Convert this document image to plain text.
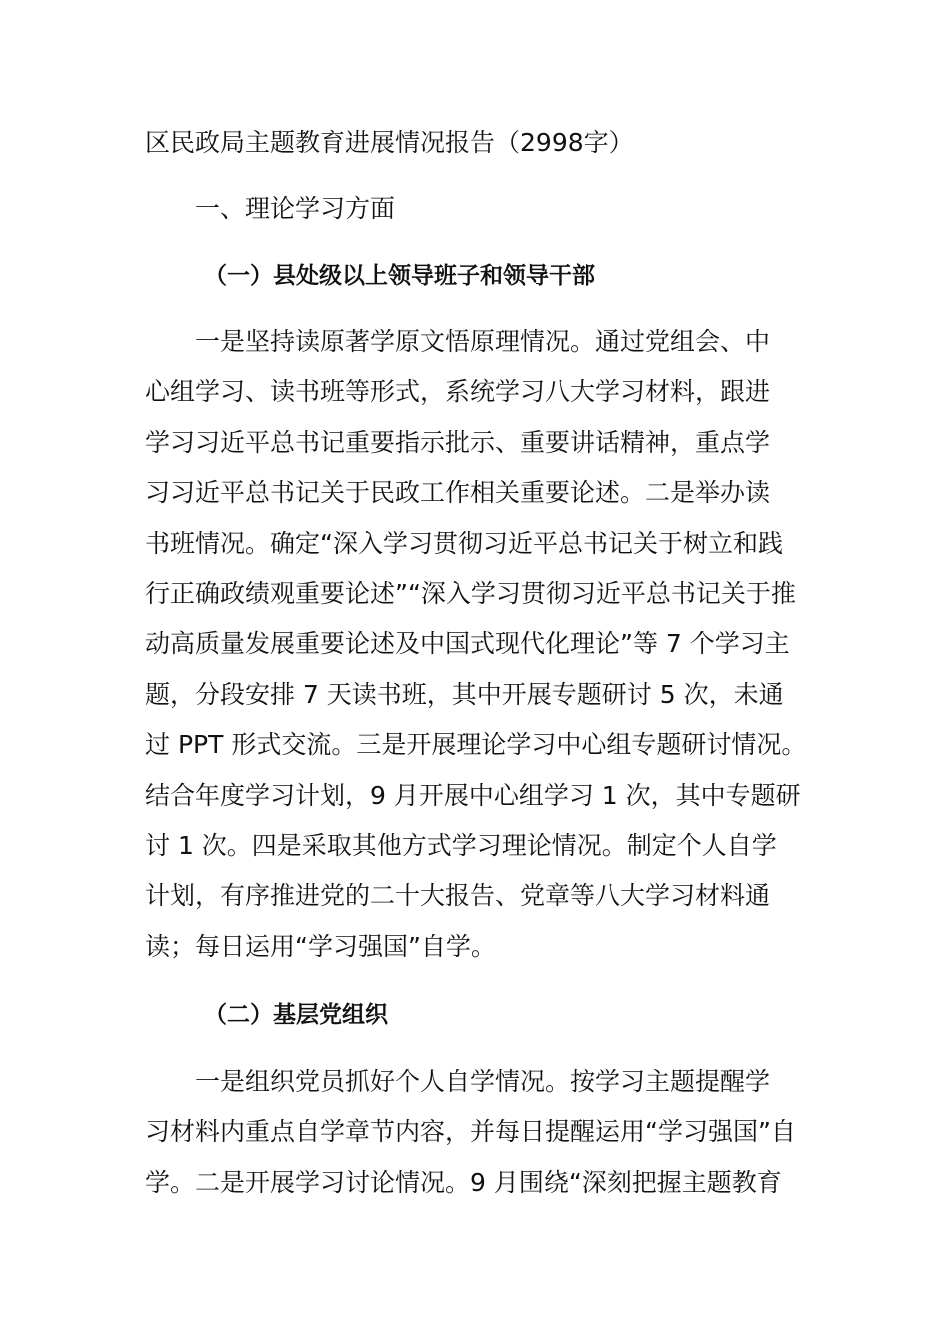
区民政局主题教育进展情况报告（2998字）
一、理论学习方面
（一）县处级以上领导班子和领导干部
一是坚持读原著学原文悟原理情况。通过党组会、中
心组学习、读书班等形式，系统学习八大学习材料，跟进
学习习近平总书记重要指示批示、重要讲话精神，重点学
习习近平总书记关于民政工作相关重要论述。二是举办读
书班情况。确定“深入学习贯彻习近平总书记关于树立和践
行正确政绩观重要论述”“深入学习贯彻习近平总书记关于推
动高质量发展重要论述及中国式现代化理论”等 7 个学习主
题，分段安排 7 天读书班，其中开展专题研讨 5 次，未通
过 PPT 形式交流。三是开展理论学习中心组专题研讨情况。
结合年度学习计划，9 月开展中心组学习 1 次，其中专题研
讨 1 次。四是采取其他方式学习理论情况。制定个人自学
计划，有序推进党的二十大报告、党章等八大学习材料通
读；每日运用“学习强国”自学。
（二）基层党组织
一是组织党员抓好个人自学情况。按学习主题提醒学
习材料内重点自学章节内容，并每日提醒运用“学习强国”自
学。二是开展学习讨论情况。9 月围绕“深刻把握主题教育
